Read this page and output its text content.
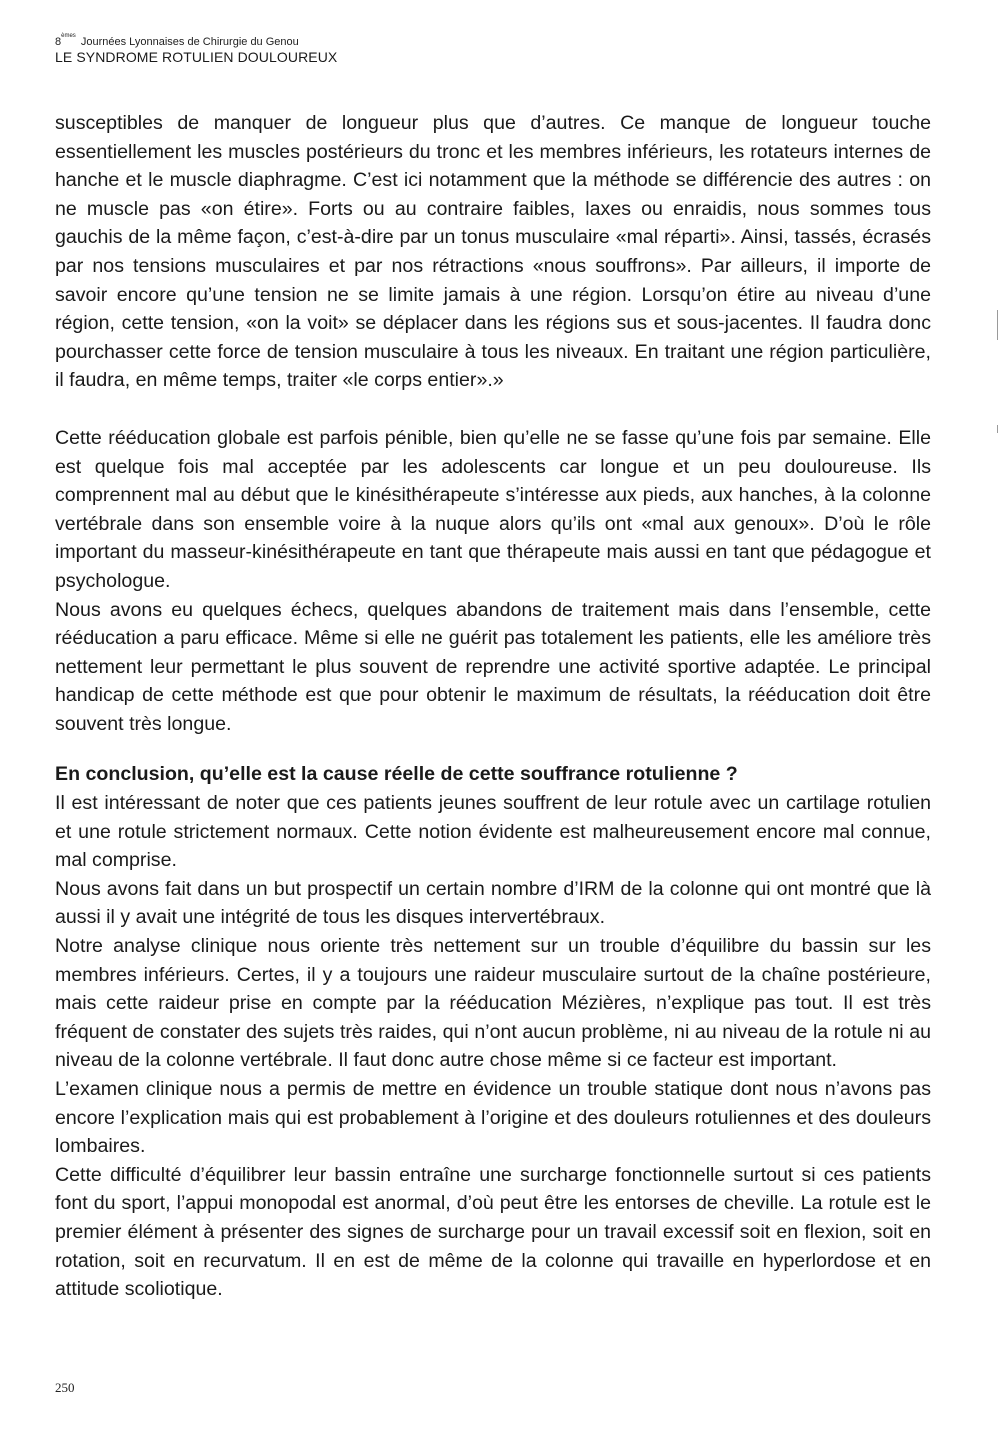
8 èmes
Journées Lyonnaises de Chirurgie du Genou
LE SYNDROME ROTULIEN DOULOUREUX

susceptibles de manquer de longueur plus que d’autres. Ce manque de longueur touche essentiellement les muscles postérieurs du tronc et les membres inférieurs, les rotateurs internes de hanche et le muscle diaphragme. C’est ici notamment que la méthode se différencie des autres : on ne muscle pas «on étire». Forts ou au contraire faibles, laxes ou enraidis, nous sommes tous gauchis de la même façon, c’est-à-dire par un tonus musculaire «mal réparti». Ainsi, tassés, écrasés par nos tensions musculaires et par nos rétractions «nous souffrons». Par ailleurs, il importe de savoir encore qu’une tension ne se limite jamais à une région. Lorsqu’on étire au niveau d’une région, cette tension, «on la voit» se déplacer dans les régions sus et sous-jacentes. Il faudra donc pourchasser cette force de tension musculaire à tous les niveaux. En traitant une région particulière, il faudra, en même temps, traiter «le corps entier».»

Cette rééducation globale est parfois pénible, bien qu’elle ne se fasse qu’une fois par semaine. Elle est quelque fois mal acceptée par les adolescents car longue et un peu douloureuse. Ils comprennent mal au début que le kinésithérapeute s’intéresse aux pieds, aux hanches, à la colonne vertébrale dans son ensemble voire à la nuque alors qu’ils ont «mal aux genoux». D’où le rôle important du masseur-kinésithérapeute en tant que thérapeute mais aussi en tant que pédagogue et psychologue.

Nous avons eu quelques échecs, quelques abandons de traitement mais dans l’ensemble, cette rééducation a paru efficace. Même si elle ne guérit pas totalement les patients, elle les améliore très nettement leur permettant le plus souvent de reprendre une activité sportive adaptée. Le principal handicap de cette méthode est que pour obtenir le maximum de résultats, la rééducation doit être souvent très longue.

En conclusion, qu’elle est la cause réelle de cette souffrance rotulienne ?

Il est intéressant de noter que ces patients jeunes souffrent de leur rotule avec un cartilage rotulien et une rotule strictement normaux. Cette notion évidente est malheureusement encore mal connue, mal comprise.

Nous avons fait dans un but prospectif un certain nombre d’IRM de la colonne qui ont montré que là aussi il y avait une intégrité de tous les disques intervertébraux.

Notre analyse clinique nous oriente très nettement sur un trouble d’équilibre du bassin sur les membres inférieurs. Certes, il y a toujours une raideur musculaire surtout de la chaîne postérieure, mais cette raideur prise en compte par la rééducation Mézières, n’explique pas tout. Il est très fréquent de constater des sujets très raides, qui n’ont aucun problème, ni au niveau de la rotule ni au niveau de la colonne vertébrale. Il faut donc autre chose même si ce facteur est important.

L’examen clinique nous a permis de mettre en évidence un trouble statique dont nous n’avons pas encore l’explication mais qui est probablement à l’origine et des douleurs rotuliennes et des douleurs lombaires.

Cette difficulté d’équilibrer leur bassin entraîne une surcharge fonctionnelle surtout si ces patients font du sport, l’appui monopodal est anormal, d’où peut être les entorses de cheville. La rotule est le premier élément à présenter des signes de surcharge pour un travail excessif soit en flexion, soit en rotation, soit en recurvatum. Il en est de même de la colonne qui travaille en hyperlordose et en attitude scoliotique.

250
